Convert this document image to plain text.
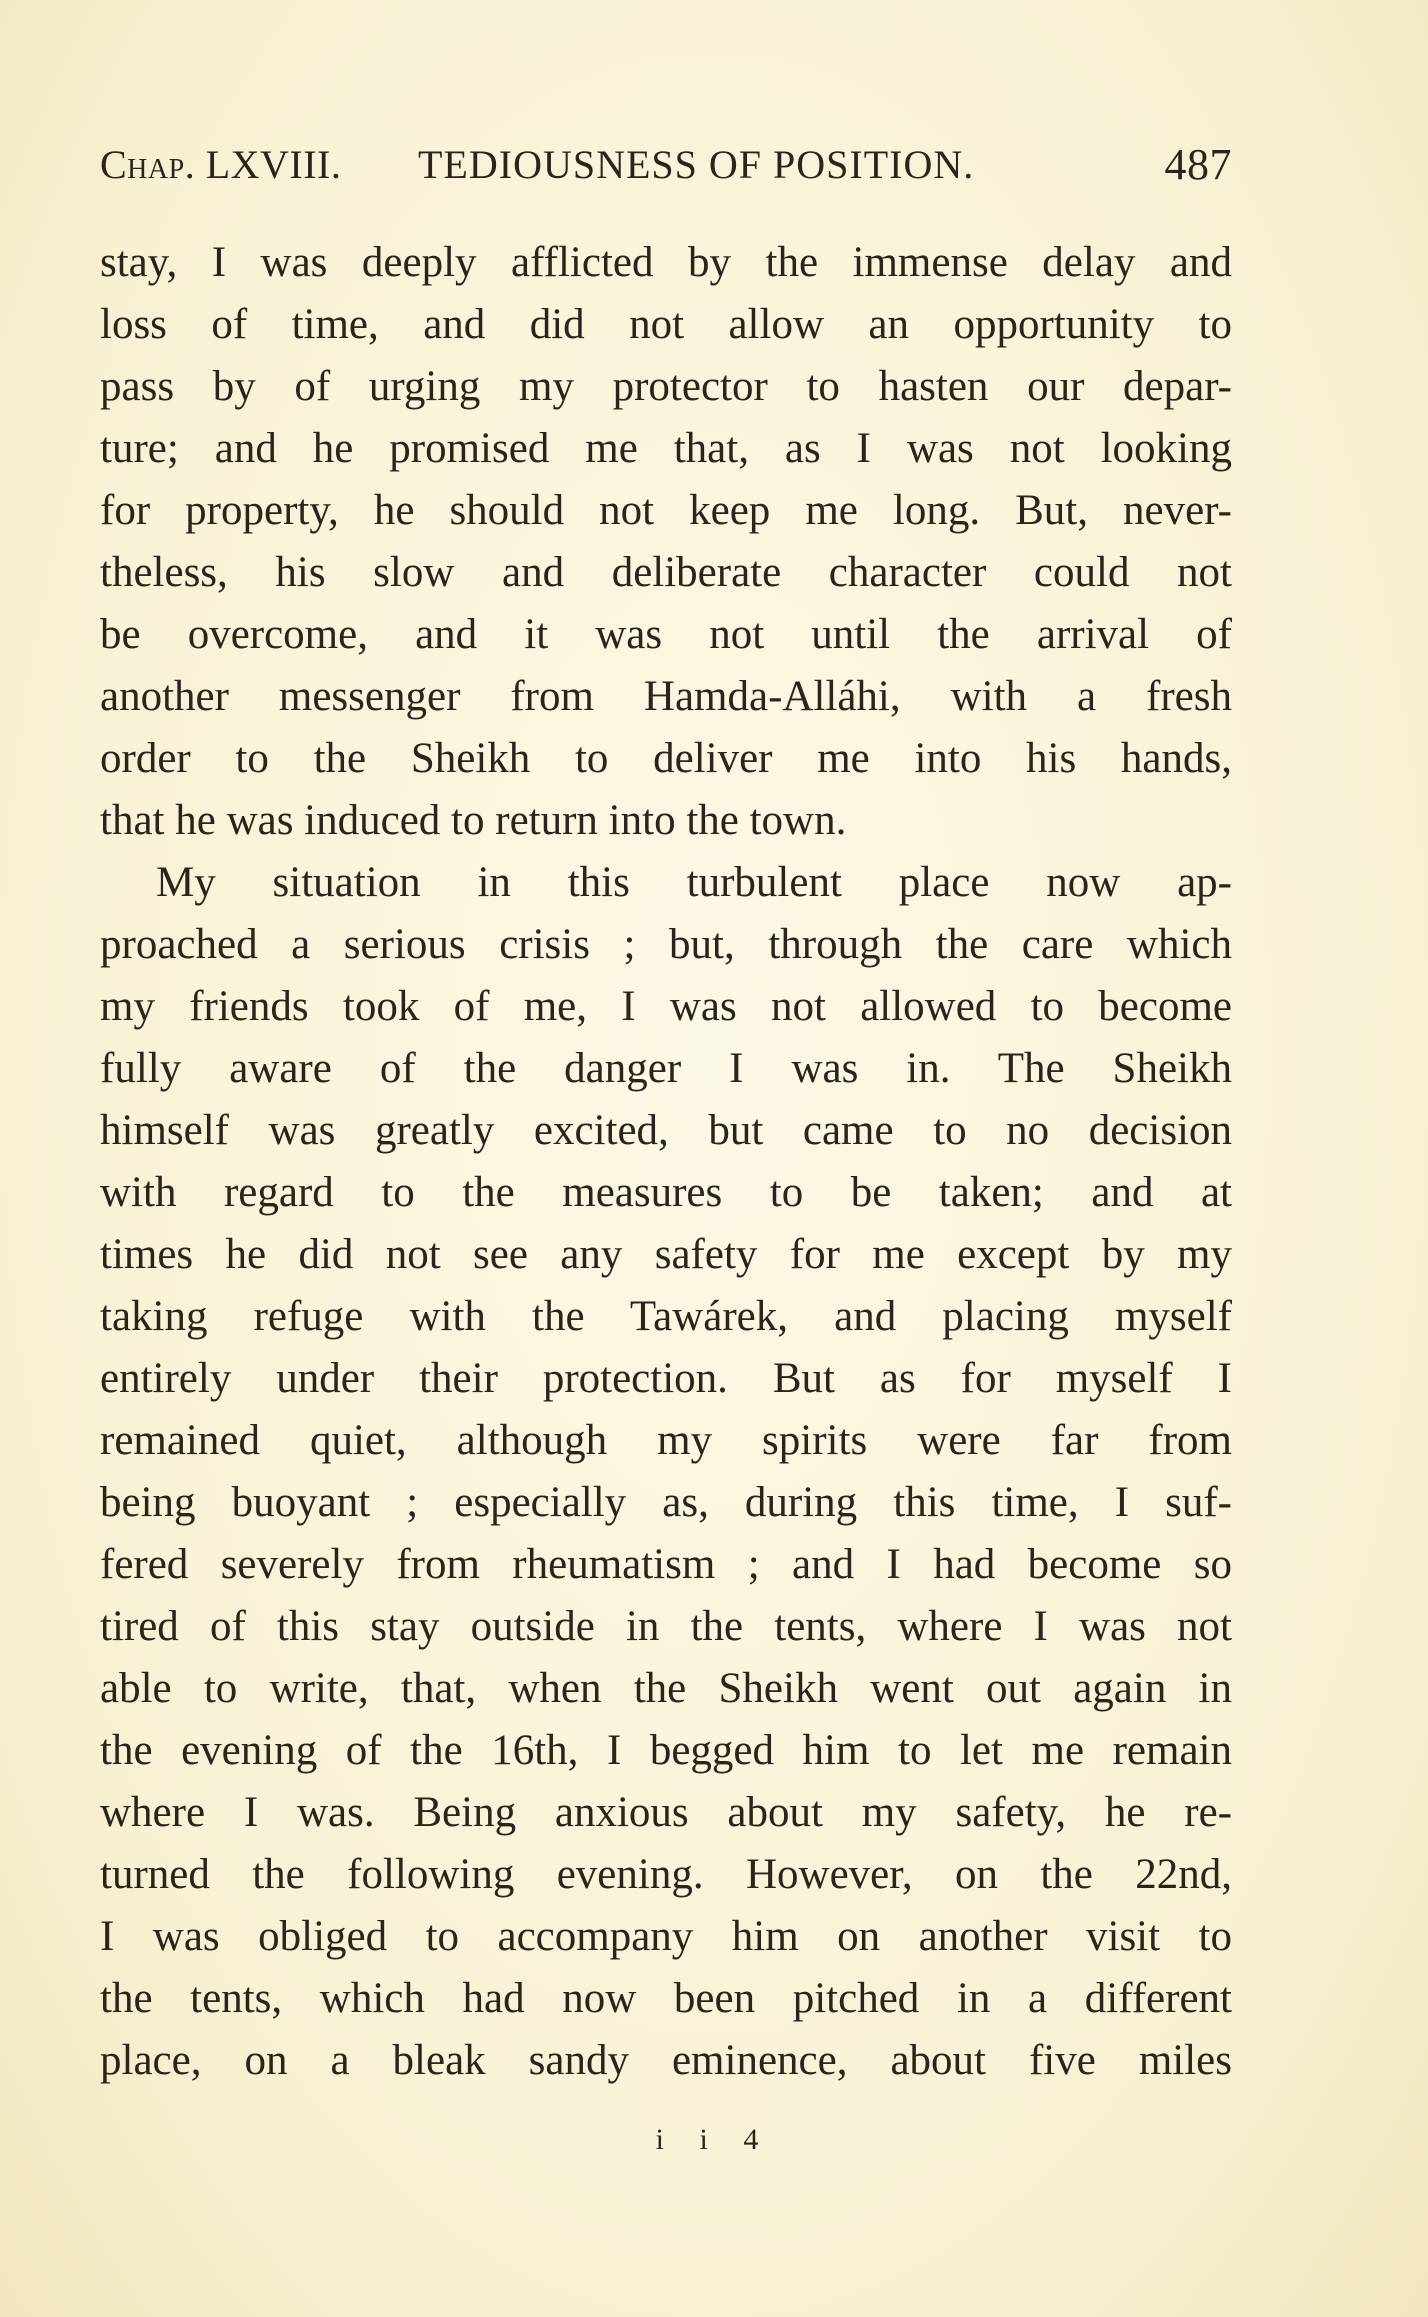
Chap. LXVIII. TEDIOUSNESS OF POSITION.	487
stay, I was deeply afflicted by the immense delay and
loss of time, and did not allow an opportunity to
pass by of urging my protector to hasten our depar-
ture; and he promised me that, as I was not looking
for property, he should not keep me long. But, never-
theless, his slow and deliberate character could not
be overcome, and it was not until the arrival of
another messenger from Hamda-Alláhi, with a fresh
order to the Sheikh to deliver me into his hands,
that he was induced to return into the town.
My situation in this turbulent place now ap-
proached a serious crisis ; but, through the care which
my friends took of me, I was not allowed to become
fully aware of the danger I was in. The Sheikh
himself was greatly excited, but came to no decision
with regard to the measures to be taken; and at
times he did not see any safety for me except by my
taking refuge with the Tawárek, and placing myself
entirely under their protection. But as for myself I
remained quiet, although my spirits were far from
being buoyant ; especially as, during this time, I suf-
fered severely from rheumatism ; and I had become so
tired of this stay outside in the tents, where I was not
able to write, that, when the Sheikh went out again in
the evening of the 16th, I begged him to let me remain
where I was. Being anxious about my safety, he re-
turned the following evening. However, on the 22nd,
I was obliged to accompany him on another visit to
the tents, which had now been pitched in a different
place, on a bleak sandy eminence, about five miles
i i 4
